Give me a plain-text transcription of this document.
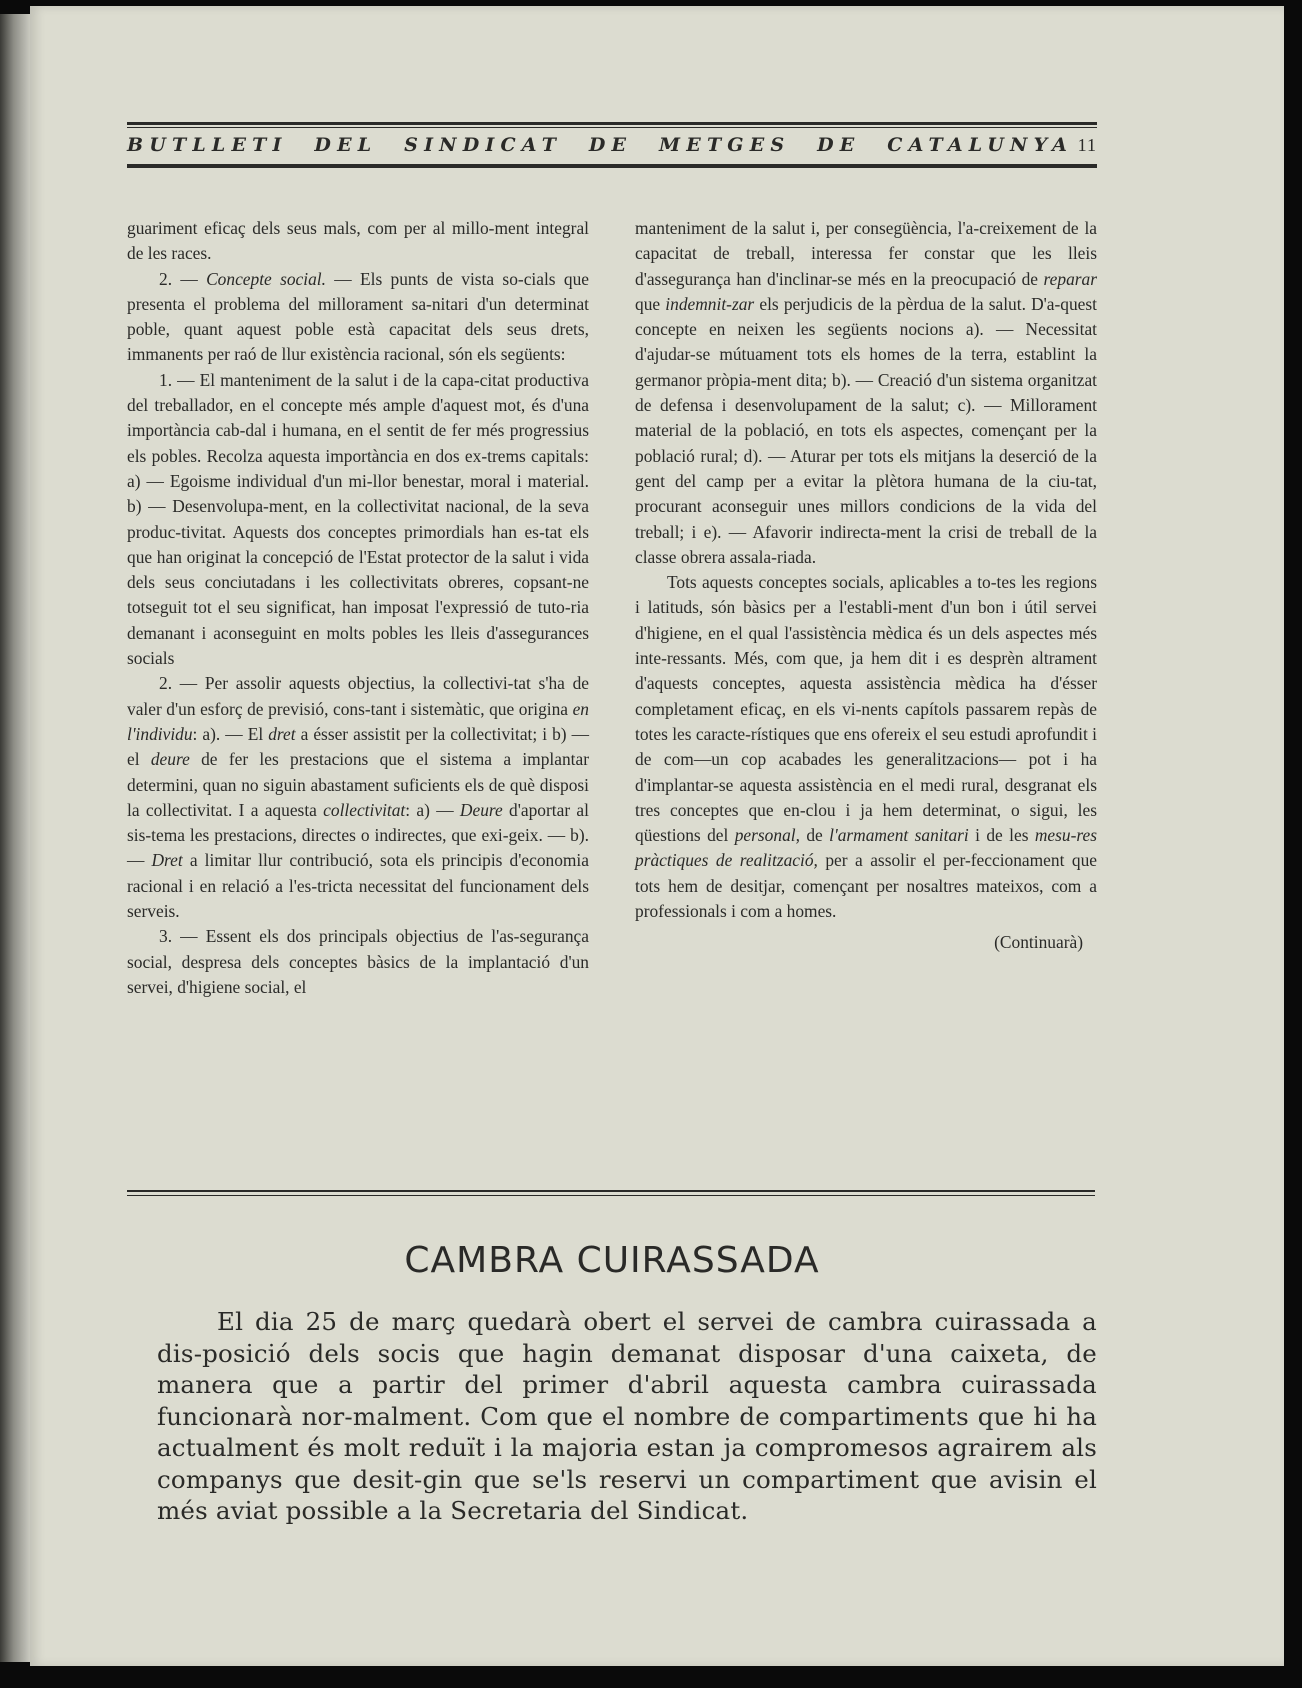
BUTLLETI DEL SINDICAT DE METGES DE CATALUNYA 11

guariment eficaç dels seus mals, com per al millo-ment integral de les races.

2. — Concepte social. — Els punts de vista so-cials que presenta el problema del millorament sa-nitari d'un determinat poble, quant aquest poble està capacitat dels seus drets, immanents per raó de llur existència racional, són els següents:

1. — El manteniment de la salut i de la capa-citat productiva del treballador, en el concepte més ample d'aquest mot, és d'una importància cab-dal i humana, en el sentit de fer més progressius els pobles. Recolza aquesta importància en dos ex-trems capitals: a) — Egoisme individual d'un mi-llor benestar, moral i material. b) — Desenvolupa-ment, en la collectivitat nacional, de la seva produc-tivitat. Aquests dos conceptes primordials han es-tat els que han originat la concepció de l'Estat protector de la salut i vida dels seus conciutadans i les collectivitats obreres, copsant-ne totseguit tot el seu significat, han imposat l'expressió de tuto-ria demanant i aconseguint en molts pobles les lleis d'assegurances socials

2. — Per assolir aquests objectius, la collectivi-tat s'ha de valer d'un esforç de previsió, cons-tant i sistemàtic, que origina en l'individu: a). — El dret a ésser assistit per la collectivitat; i b) — el deure de fer les prestacions que el sistema a implantar determini, quan no siguin abastament suficients els de què disposi la collectivitat. I a aquesta collectivitat: a) — Deure d'aportar al sis-tema les prestacions, directes o indirectes, que exi-geix. — b). — Dret a limitar llur contribució, sota els principis d'economia racional i en relació a l'es-tricta necessitat del funcionament dels serveis.

3. — Essent els dos principals objectius de l'as-segurança social, despresa dels conceptes bàsics de la implantació d'un servei, d'higiene social, el

manteniment de la salut i, per consegüència, l'a-creixement de la capacitat de treball, interessa fer constar que les lleis d'assegurança han d'inclinar-se més en la preocupació de reparar que indemnit-zar els perjudicis de la pèrdua de la salut. D'a-quest concepte en neixen les següents nocions a). — Necessitat d'ajudar-se mútuament tots els homes de la terra, establint la germanor pròpia-ment dita; b). — Creació d'un sistema organitzat de defensa i desenvolupament de la salut; c). — Millorament material de la població, en tots els aspectes, començant per la població rural; d). — Aturar per tots els mitjans la deserció de la gent del camp per a evitar la plètora humana de la ciu-tat, procurant aconseguir unes millors condicions de la vida del treball; i e). — Afavorir indirecta-ment la crisi de treball de la classe obrera assala-riada.

Tots aquests conceptes socials, aplicables a to-tes les regions i latituds, són bàsics per a l'establi-ment d'un bon i útil servei d'higiene, en el qual l'assistència mèdica és un dels aspectes més inte-ressants. Més, com que, ja hem dit i es desprèn altrament d'aquests conceptes, aquesta assistència mèdica ha d'ésser completament eficaç, en els vi-nents capítols passarem repàs de totes les caracte-rístiques que ens ofereix el seu estudi aprofundit i de com—un cop acabades les generalitzacions— pot i ha d'implantar-se aquesta assistència en el medi rural, desgranat els tres conceptes que en-clou i ja hem determinat, o sigui, les qüestions del personal, de l'armament sanitari i de les mesu-res pràctiques de realització, per a assolir el per-feccionament que tots hem de desitjar, començant per nosaltres mateixos, com a professionals i com a homes.

(Continuarà)
CAMBRA CUIRASSADA

El dia 25 de març quedarà obert el servei de cambra cuirassada a dis-posició dels socis que hagin demanat disposar d'una caixeta, de manera que a partir del primer d'abril aquesta cambra cuirassada funcionarà nor-malment. Com que el nombre de compartiments que hi ha actualment és molt reduït i la majoria estan ja compromesos agrairem als companys que desit-gin que se'ls reservi un compartiment que avisin el més aviat possible a la Secretaria del Sindicat.
